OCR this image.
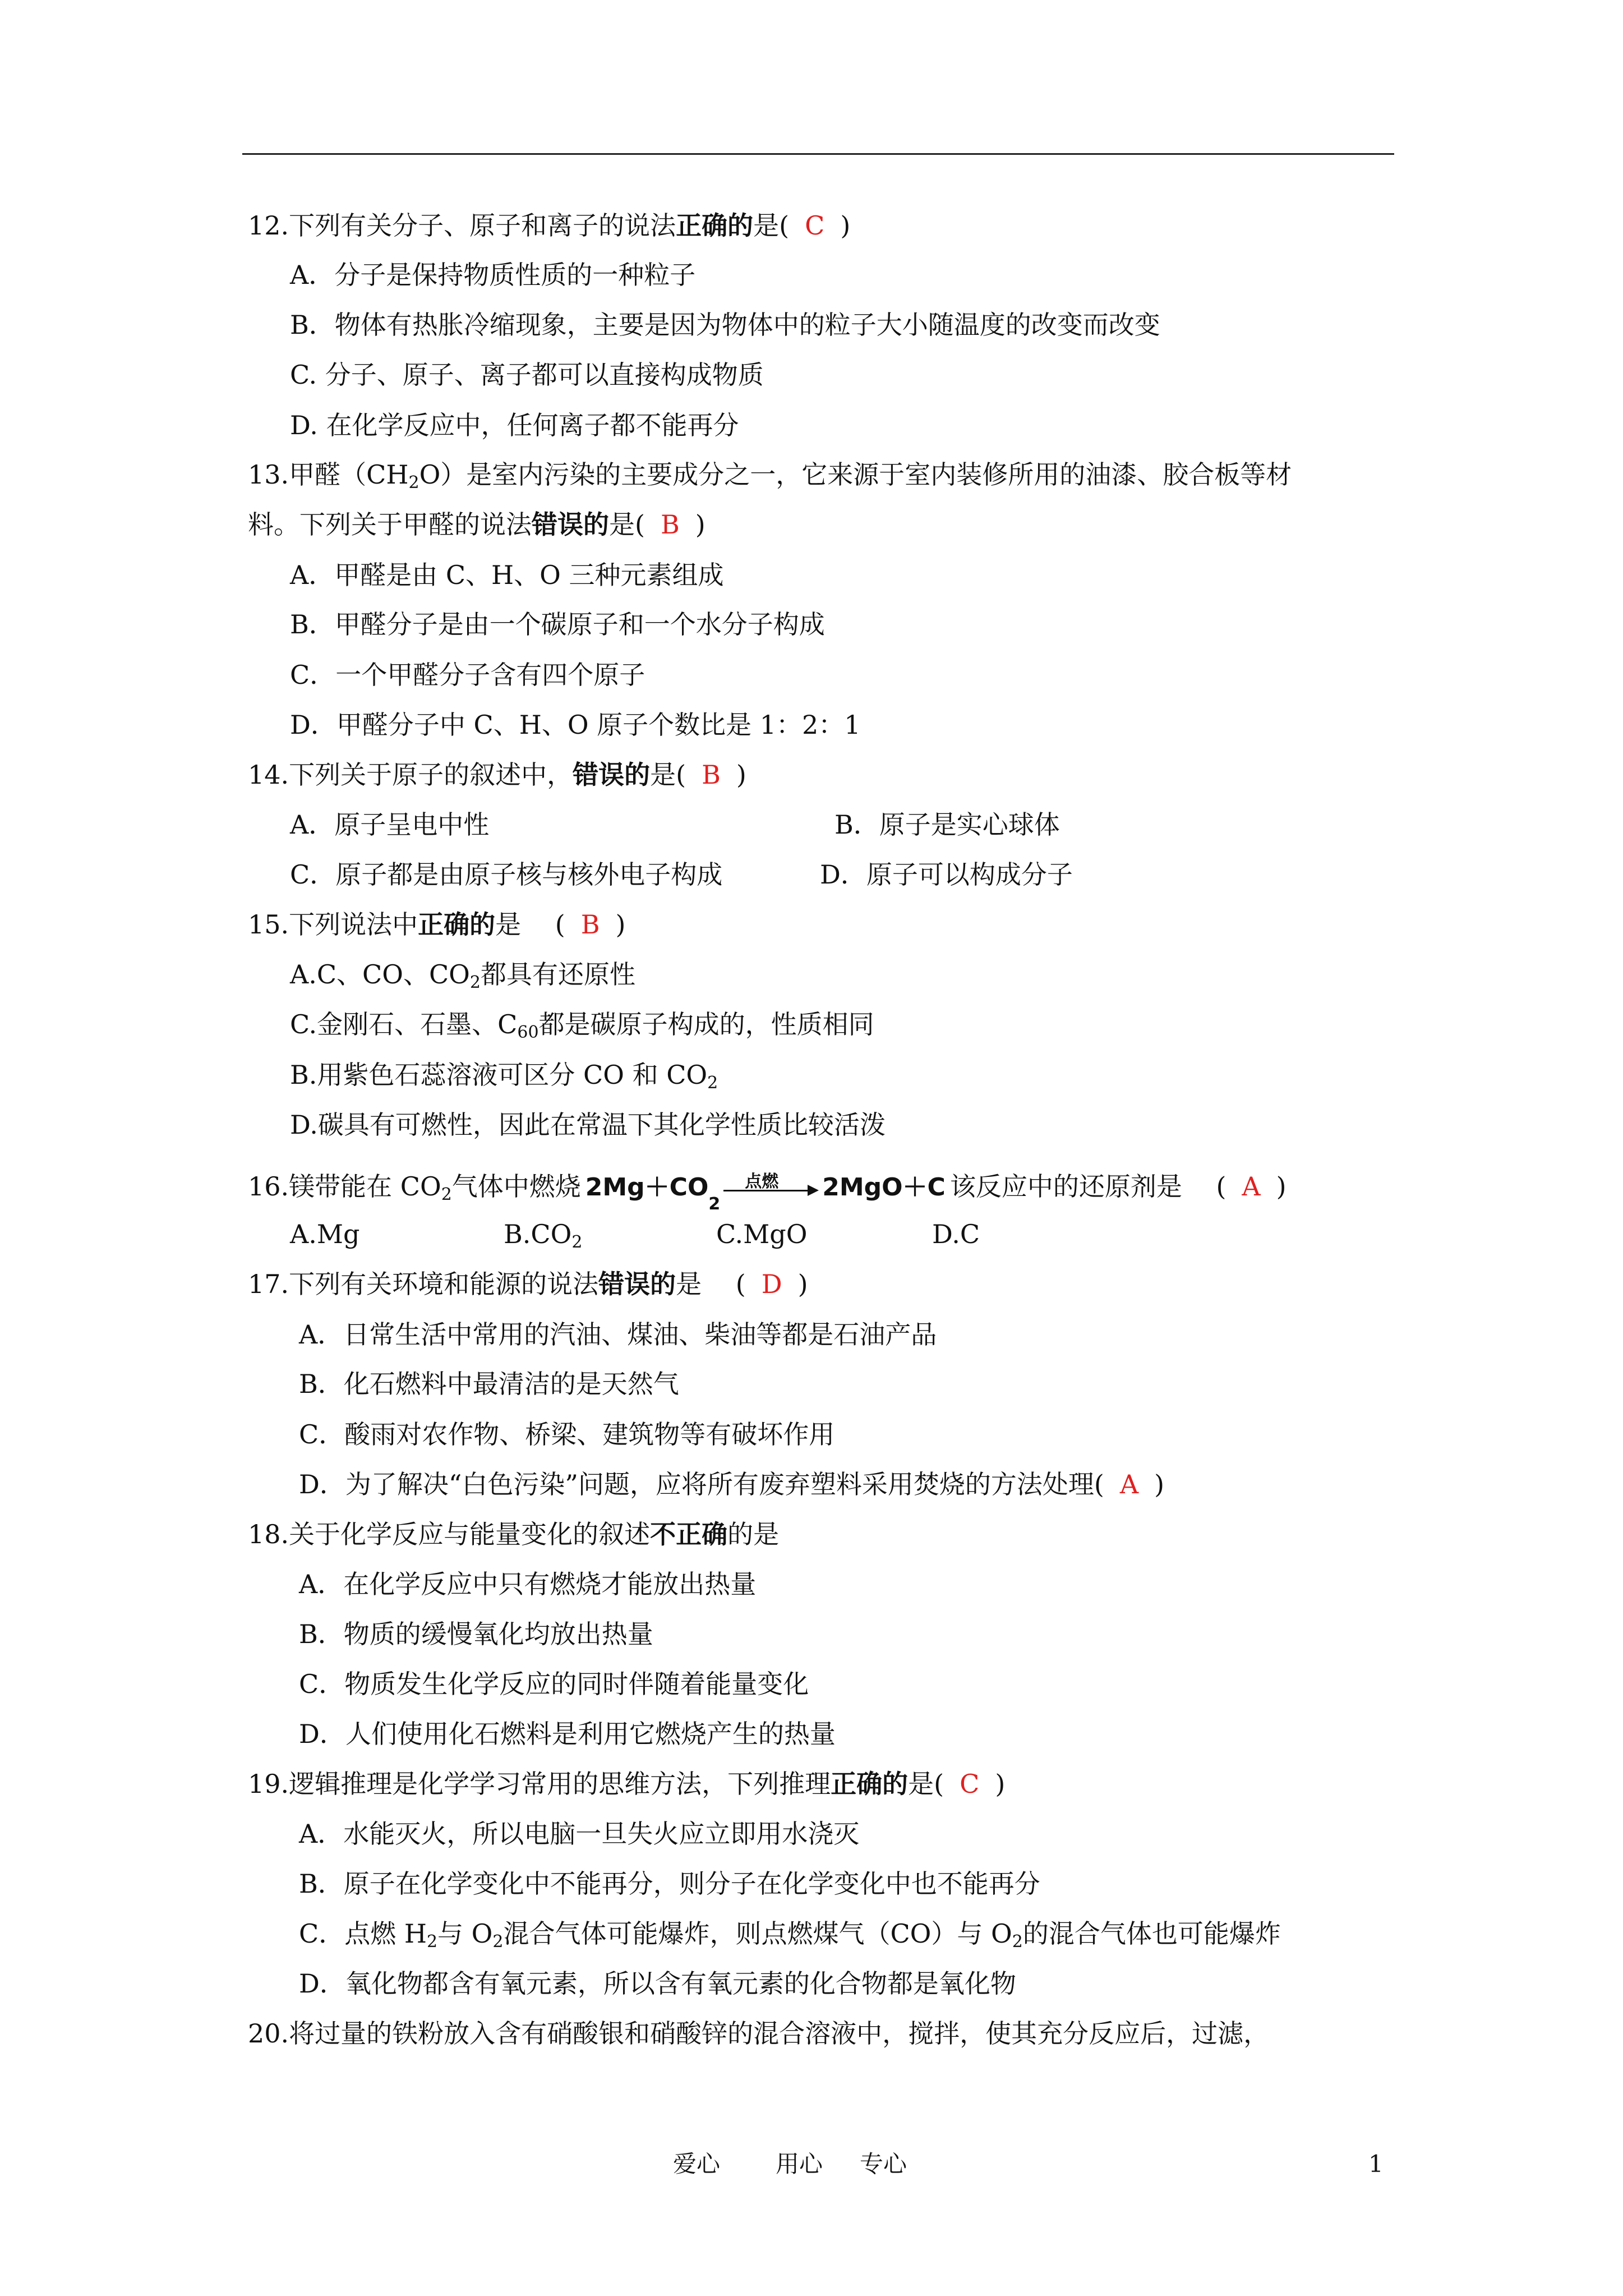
12.下列有关分子、原子和离子的说法正确的是( C )
A．分子是保持物质性质的一种粒子
B．物体有热胀冷缩现象，主要是因为物体中的粒子大小随温度的改变而改变
C. 分子、原子、离子都可以直接构成物质
D. 在化学反应中，任何离子都不能再分
13.甲醛$(CH_2O)$是室内污染的主要成分之一，它来源于室内装修所用的油漆、胶合板等材
料。下列关于甲醛的说法错误的是( B )
A．甲醛是由 C、H、O 三种元素组成
B．甲醛分子是由一个碳原子和一个水分子构成
C．一个甲醛分子含有四个原子
D．甲醛分子中 C、H、O 原子个数比是 1：2：1
14.下列关于原子的叙述中，错误的是( B )
A．原子呈电中性	B．原子是实心球体
C．原子都是由原子核与核外电子构成	D．原子可以构成分子
15.下列说法中正确的是　 ( B )
A.C、CO、$CO_2$都具有还原性
C.金刚石、石墨、$C_{60}$都是碳原子构成的，性质相同
B.用紫色石蕊溶液可区分 CO 和 $CO_2$
D.碳具有可燃性，因此在常温下其化学性质比较活泼
16.镁带能在 $CO_2$气体中燃烧 2Mg＋CO
2
点燃 2MgO＋C 该反应中的还原剂是 　( A )
A.Mg	$B.CO_2$	C.MgO	D.C
17.下列有关环境和能源的说法错误的是 　( D )
A．日常生活中常用的汽油、煤油、柴油等都是石油产品
B．化石燃料中最清洁的是天然气
C．酸雨对农作物、桥梁、建筑物等有破坏作用
D．为了解决“白色污染”问题，应将所有废弃塑料采用焚烧的方法处理( A )
18.关于化学反应与能量变化的叙述不正确的是
A．在化学反应中只有燃烧才能放出热量
B．物质的缓慢氧化均放出热量
C．物质发生化学反应的同时伴随着能量变化
D．人们使用化石燃料是利用它燃烧产生的热量
19.逻辑推理是化学学习常用的思维方法，下列推理正确的是( C )
A．水能灭火，所以电脑一旦失火应立即用水浇灭
B．原子在化学变化中不能再分，则分子在化学变化中也不能再分
C．点燃 $H_2$与 $O_2$混合气体可能爆炸，则点燃煤气（CO）与 $O_2$的混合气体也可能爆炸
D．氧化物都含有氧元素，所以含有氧元素的化合物都是氧化物
20.将过量的铁粉放入含有硝酸银和硝酸锌的混合溶液中，搅拌，使其充分反应后，过滤，
爱心 用心 专心	1
